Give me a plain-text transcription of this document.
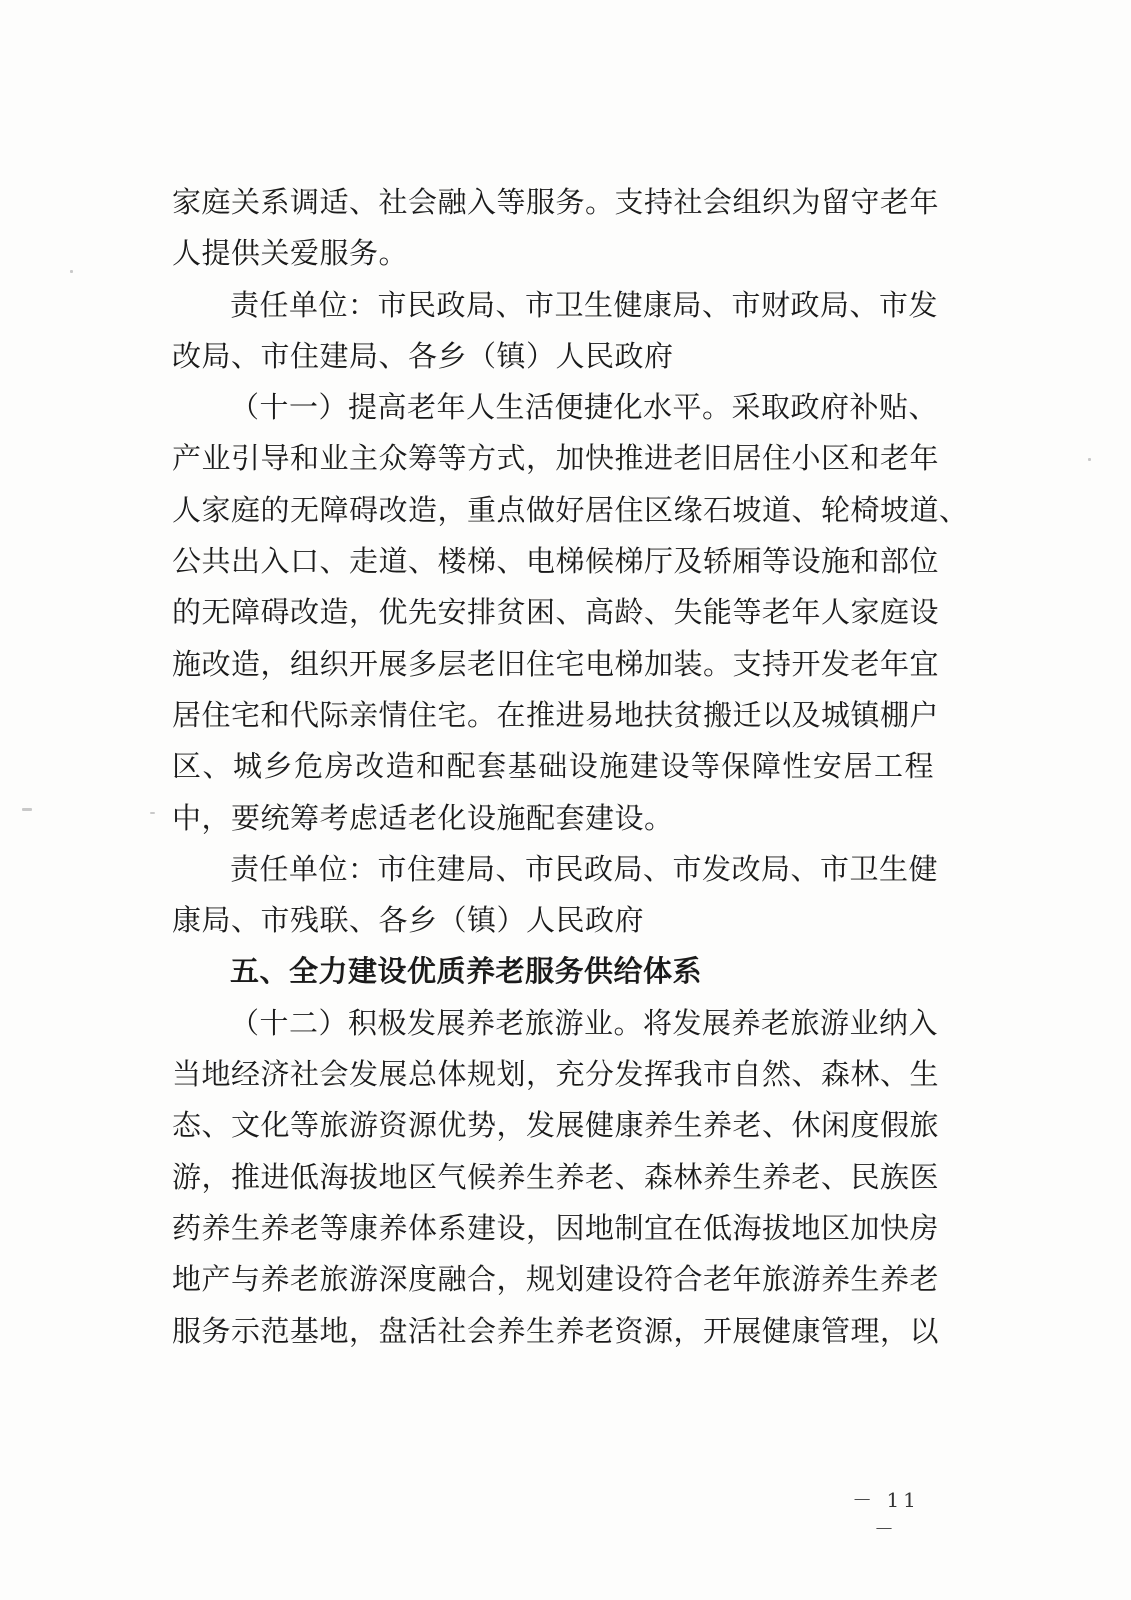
家庭关系调适、社会融入等服务。支持社会组织为留守老年
人提供关爱服务。
责任单位：市民政局、市卫生健康局、市财政局、市发
改局、市住建局、各乡（镇）人民政府
（十一）提高老年人生活便捷化水平。采取政府补贴、
产业引导和业主众筹等方式，加快推进老旧居住小区和老年
人家庭的无障碍改造，重点做好居住区缘石坡道、轮椅坡道、
公共出入口、走道、楼梯、电梯候梯厅及轿厢等设施和部位
的无障碍改造，优先安排贫困、高龄、失能等老年人家庭设
施改造，组织开展多层老旧住宅电梯加装。支持开发老年宜
居住宅和代际亲情住宅。在推进易地扶贫搬迁以及城镇棚户
区、城乡危房改造和配套基础设施建设等保障性安居工程
中，要统筹考虑适老化设施配套建设。
责任单位：市住建局、市民政局、市发改局、市卫生健
康局、市残联、各乡（镇）人民政府
五、全力建设优质养老服务供给体系
（十二）积极发展养老旅游业。将发展养老旅游业纳入
当地经济社会发展总体规划，充分发挥我市自然、森林、生
态、文化等旅游资源优势，发展健康养生养老、休闲度假旅
游，推进低海拔地区气候养生养老、森林养生养老、民族医
药养生养老等康养体系建设，因地制宜在低海拔地区加快房
地产与养老旅游深度融合，规划建设符合老年旅游养生养老
服务示范基地，盘活社会养生养老资源，开展健康管理，以
－ 11 －
